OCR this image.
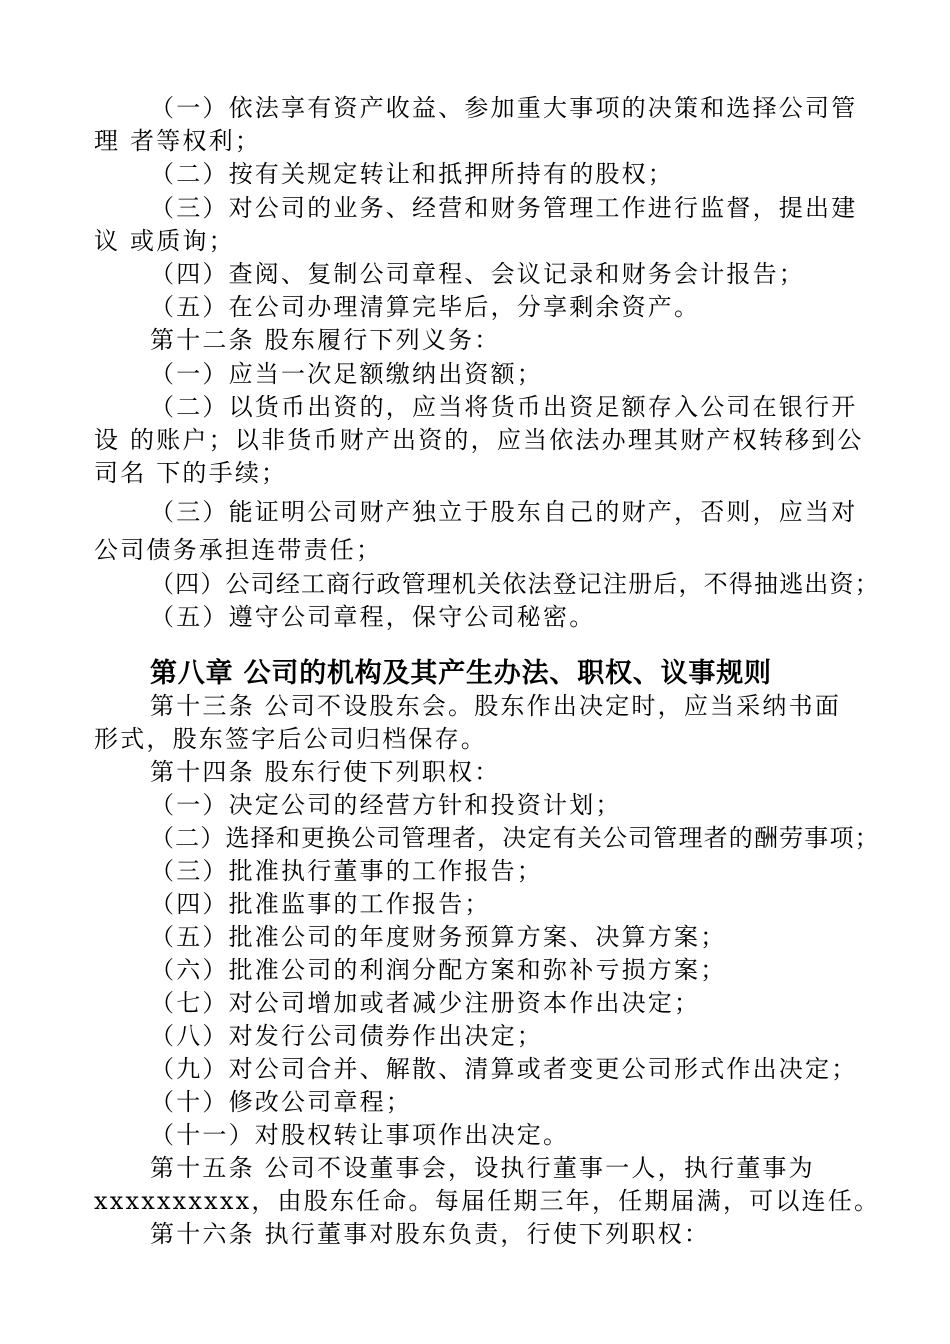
（一）依法享有资产收益、参加重大事项的决策和选择公司管
理 者等权利；
（二）按有关规定转让和抵押所持有的股权；
（三）对公司的业务、经营和财务管理工作进行监督，提出建
议 或质询；
（四）查阅、复制公司章程、会议记录和财务会计报告；
（五）在公司办理清算完毕后，分享剩余资产。
第十二条 股东履行下列义务：
（一）应当一次足额缴纳出资额；
（二）以货币出资的，应当将货币出资足额存入公司在银行开
设 的账户；以非货币财产出资的，应当依法办理其财产权转移到公
司名 下的手续；
（三）能证明公司财产独立于股东自己的财产，否则，应当对
公司债务承担连带责任；
（四）公司经工商行政管理机关依法登记注册后，不得抽逃出资；
（五）遵守公司章程，保守公司秘密。
第八章 公司的机构及其产生办法、职权、议事规则
第十三条 公司不设股东会。股东作出决定时，应当采纳书面
形式，股东签字后公司归档保存。
第十四条 股东行使下列职权：
（一）决定公司的经营方针和投资计划；
（二）选择和更换公司管理者，决定有关公司管理者的酬劳事项；
（三）批准执行董事的工作报告；
（四）批准监事的工作报告；
（五）批准公司的年度财务预算方案、决算方案；
（六）批准公司的利润分配方案和弥补亏损方案；
（七）对公司增加或者减少注册资本作出决定；
（八）对发行公司债券作出决定；
（九）对公司合并、解散、清算或者变更公司形式作出决定；
（十）修改公司章程；
（十一）对股权转让事项作出决定。
第十五条 公司不设董事会，设执行董事一人，执行董事为
xxxxxxxxxx，由股东任命。每届任期三年，任期届满，可以连任。
第十六条 执行董事对股东负责，行使下列职权：
